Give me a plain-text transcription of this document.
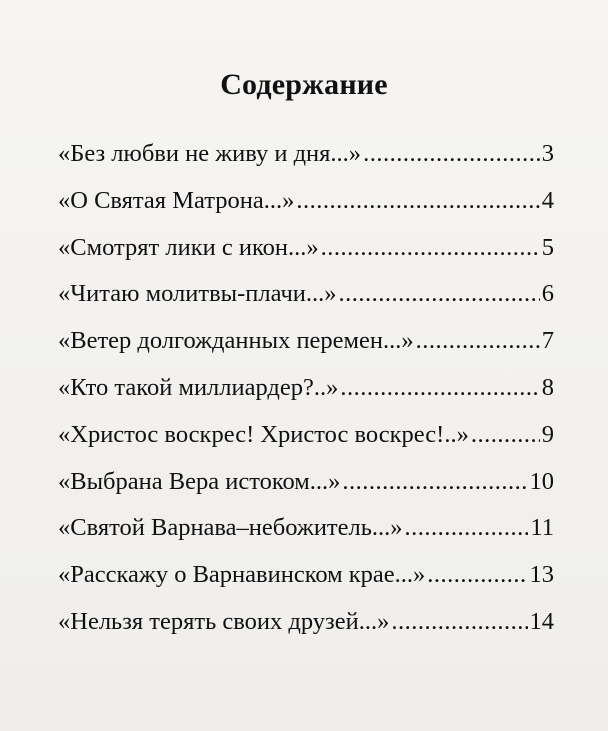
Содержание
«Без любви не живу и дня...» .....	3
«О Святая Матрона...» .....	4
«Смотрят лики с икон...» .....	5
«Читаю молитвы-плачи...» .....	6
«Ветер долгожданных перемен...» .....	7
«Кто такой миллиардер?..» .....	8
«Христос воскрес! Христос воскрес!..» .....	9
«Выбрана Вера истоком...» .....	10
«Святой Варнава–небожитель...» .....	11
«Расскажу о Варнавинском крае...» .....	13
«Нельзя терять своих друзей...» .....	14
